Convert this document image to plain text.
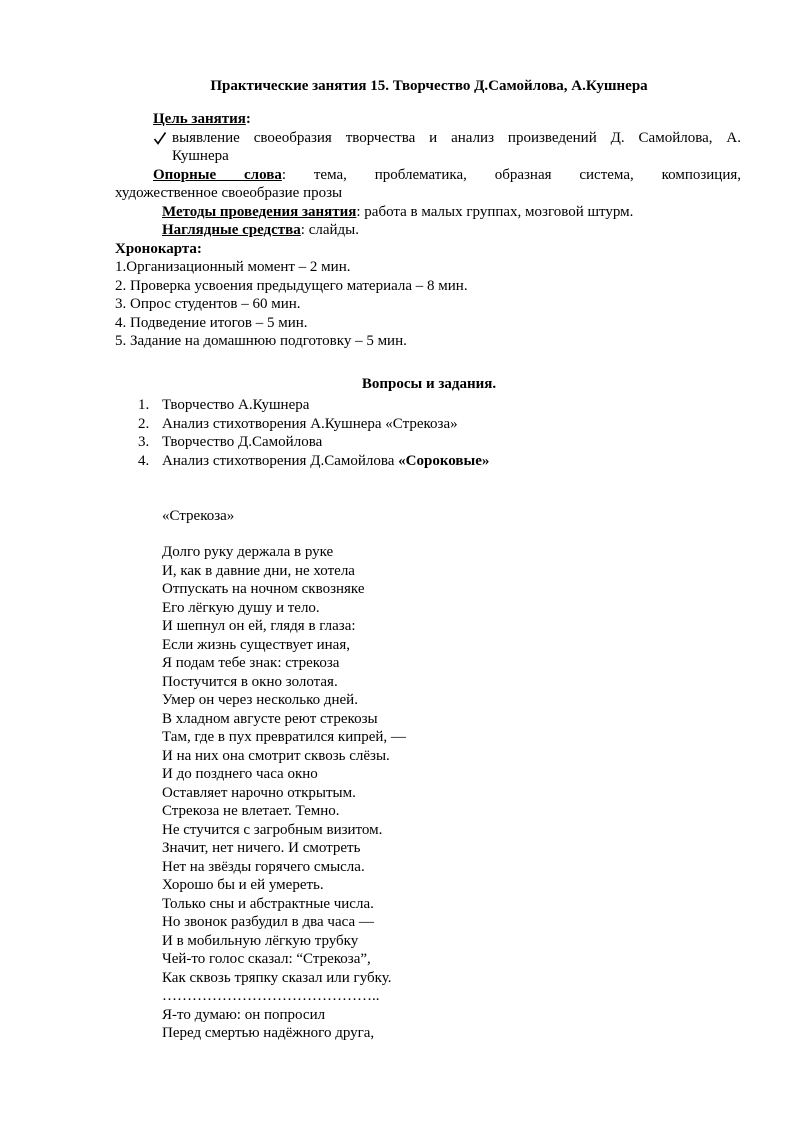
Практические занятия 15. Творчество Д.Самойлова, А.Кушнера
Цель занятия:
выявление своеобразия творчества и анализ произведений Д. Самойлова, А.
Кушнера
Опорные слова: тема, проблематика, образная система, композиция,
художественное своеобразие прозы
Методы проведения занятия: работа в малых группах, мозговой штурм.
Наглядные средства: слайды.
Хронокарта:
1.Организационный момент – 2 мин.
2. Проверка усвоения предыдущего материала – 8 мин.
3. Опрос студентов – 60 мин.
4. Подведение итогов – 5 мин.
5. Задание на домашнюю подготовку – 5 мин.
Вопросы и задания.
1. Творчество А.Кушнера
2. Анализ стихотворения А.Кушнера «Стрекоза»
3. Творчество Д.Самойлова
4. Анализ стихотворения Д.Самойлова «Сороковые»
«Стрекоза»
Долго руку держала в руке
И, как в давние дни, не хотела
Отпускать на ночном сквозняке
Его лёгкую душу и тело.
И шепнул он ей, глядя в глаза:
Если жизнь существует иная,
Я подам тебе знак: стрекоза
Постучится в окно золотая.
Умер он через несколько дней.
В хладном августе реют стрекозы
Там, где в пух превратился кипрей, —
И на них она смотрит сквозь слёзы.
И до позднего часа окно
Оставляет нарочно открытым.
Стрекоза не влетает. Темно.
Не стучится с загробным визитом.
Значит, нет ничего. И смотреть
Нет на звёзды горячего смысла.
Хорошо бы и ей умереть.
Только сны и абстрактные числа.
Но звонок разбудил в два часа —
И в мобильную лёгкую трубку
Чей-то голос сказал: “Стрекоза”,
Как сквозь тряпку сказал или губку.
……………………………………..
Я-то думаю: он попросил
Перед смертью надёжного друга,
